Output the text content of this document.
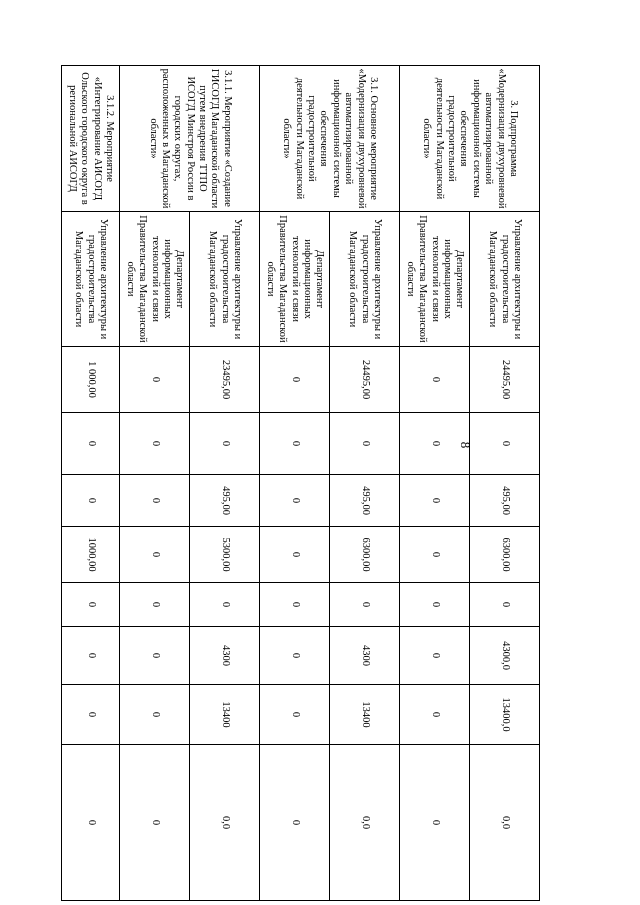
8
3. Подпрограмма «Модернизация двухуровневой автоматизированной информационной системы обеспечения градостроительной деятельности Магаданской области»	Управление архитектуры и градостроительства Магаданской области	24495,00	0	495,00	6300,00	0	4300,0	13400,0	0,0
	Департамент информационных технологий и связи Правительства Магаданской области	0	0	0	0	0	0	0	0
3.1. Основное мероприятие «Модернизация двухуровневой автоматизированной информационной системы обеспечения градостроительной деятельности Магаданской области»	Управление архитектуры и градостроительства Магаданской области	24495,00	0	495,00	6300,00	0	4300	13400	0,0
	Департамент информационных технологий и связи Правительства Магаданской области	0	0	0	0	0	0	0	0
3.1.1. Мероприятие «Создание ГИСОГД Магаданской области путем внедрения ТТПО ИСОГД Минстроя России в городских округах, расположенных в Магаданской области»	Управление архитектуры и градостроительства Магаданской области	23495,00	0	495,00	5300,00	0	4300	13400	0,0
	Департамент информационных технологий и связи Правительства Магаданской области	0	0	0	0	0	0	0	0
3.1.2. Мероприятие «Интегрирование АИСОГД Ольского городского округа в региональной АИСОГД	Управление архитектуры и градостроительства Магаданской области	1 000,00	0	0	1000,00	0	0	0	0
